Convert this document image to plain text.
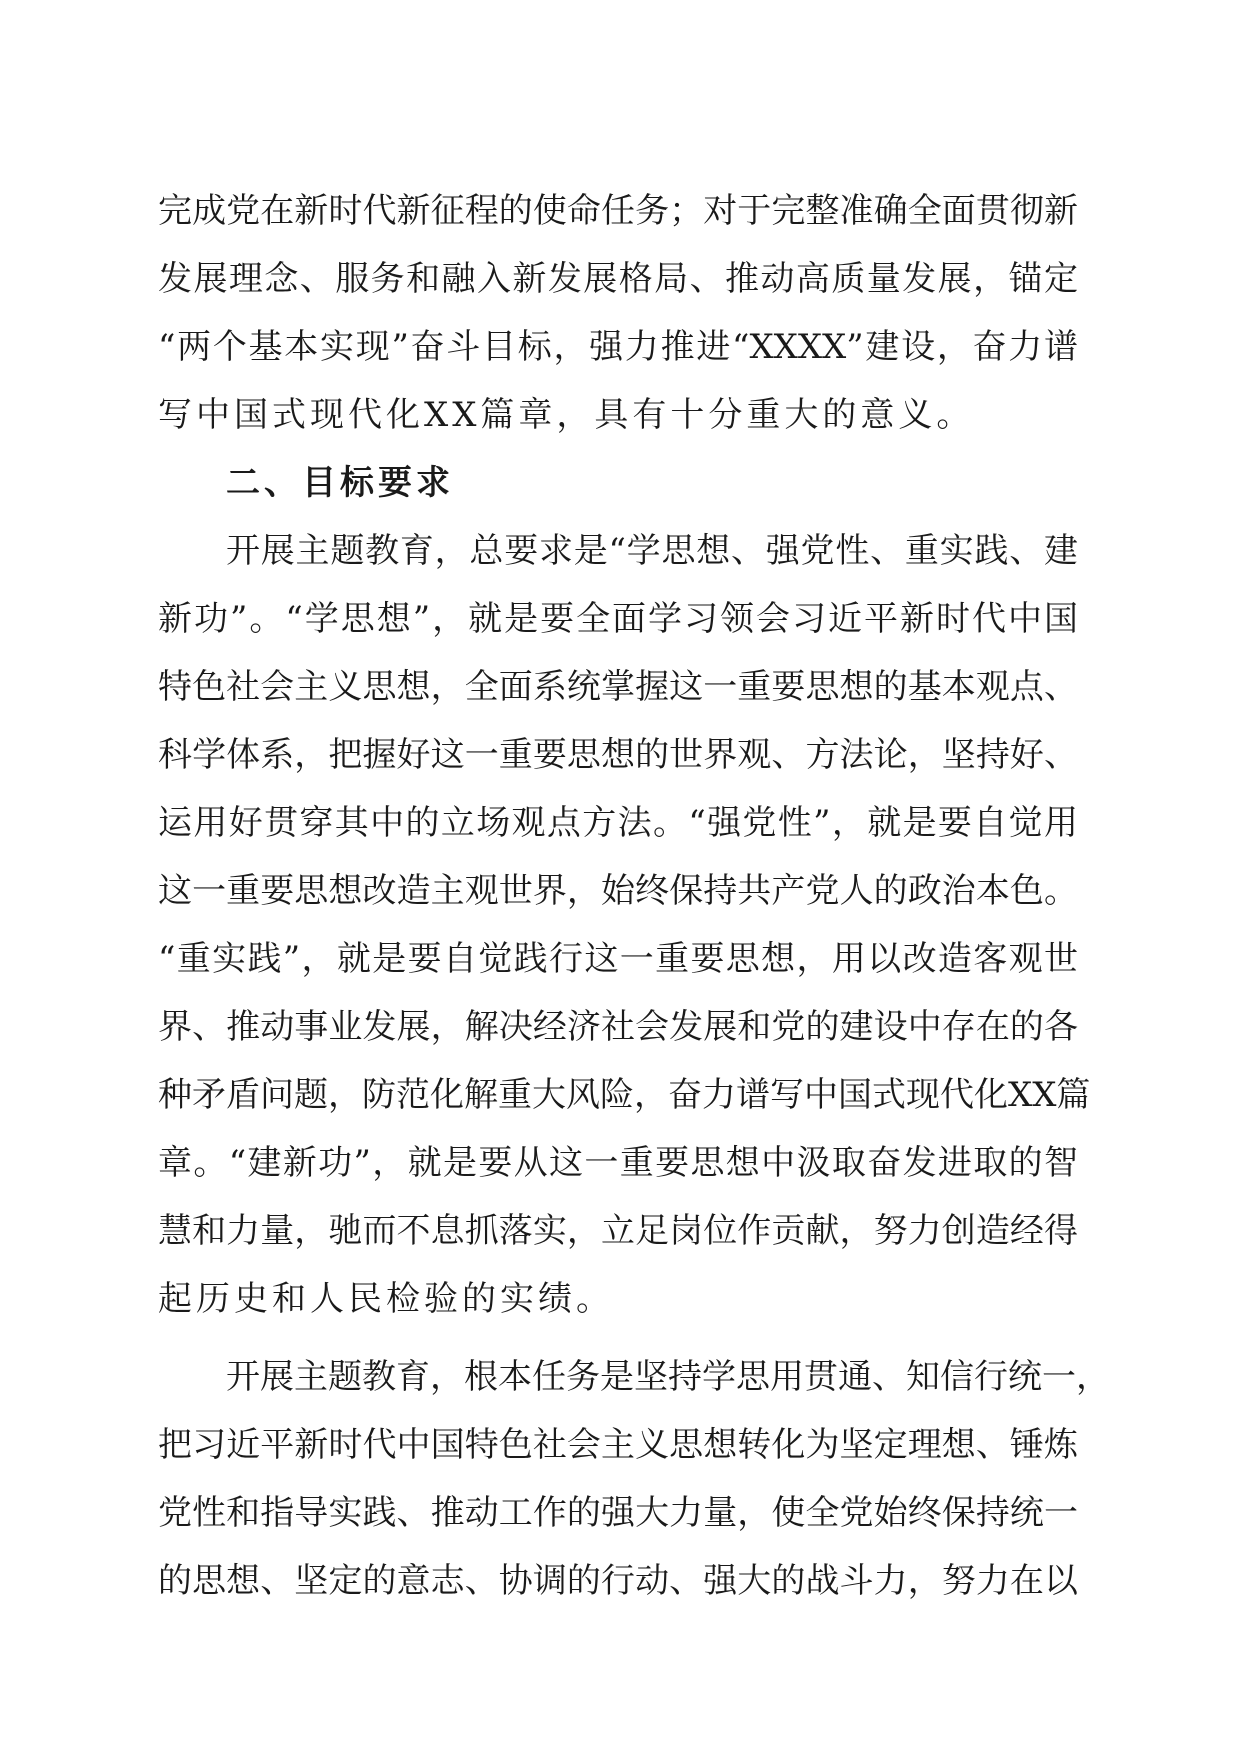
完成党在新时代新征程的使命任务；对于完整准确全面贯彻新
发展理念、服务和融入新发展格局、推动高质量发展，锚定
“两个基本实现”奋斗目标，强力推进“XXXX”建设，奋力谱
写中国式现代化XX篇章，具有十分重大的意义。
二、目标要求
开展主题教育，总要求是“学思想、强党性、重实践、建
新功”。“学思想”，就是要全面学习领会习近平新时代中国
特色社会主义思想，全面系统掌握这一重要思想的基本观点、
科学体系，把握好这一重要思想的世界观、方法论，坚持好、
运用好贯穿其中的立场观点方法。“强党性”，就是要自觉用
这一重要思想改造主观世界，始终保持共产党人的政治本色。
“重实践”，就是要自觉践行这一重要思想，用以改造客观世
界、推动事业发展，解决经济社会发展和党的建设中存在的各
种矛盾问题，防范化解重大风险，奋力谱写中国式现代化XX篇
章。“建新功”，就是要从这一重要思想中汲取奋发进取的智
慧和力量，驰而不息抓落实，立足岗位作贡献，努力创造经得
起历史和人民检验的实绩。
开展主题教育，根本任务是坚持学思用贯通、知信行统一，
把习近平新时代中国特色社会主义思想转化为坚定理想、锤炼
党性和指导实践、推动工作的强大力量，使全党始终保持统一
的思想、坚定的意志、协调的行动、强大的战斗力，努力在以
